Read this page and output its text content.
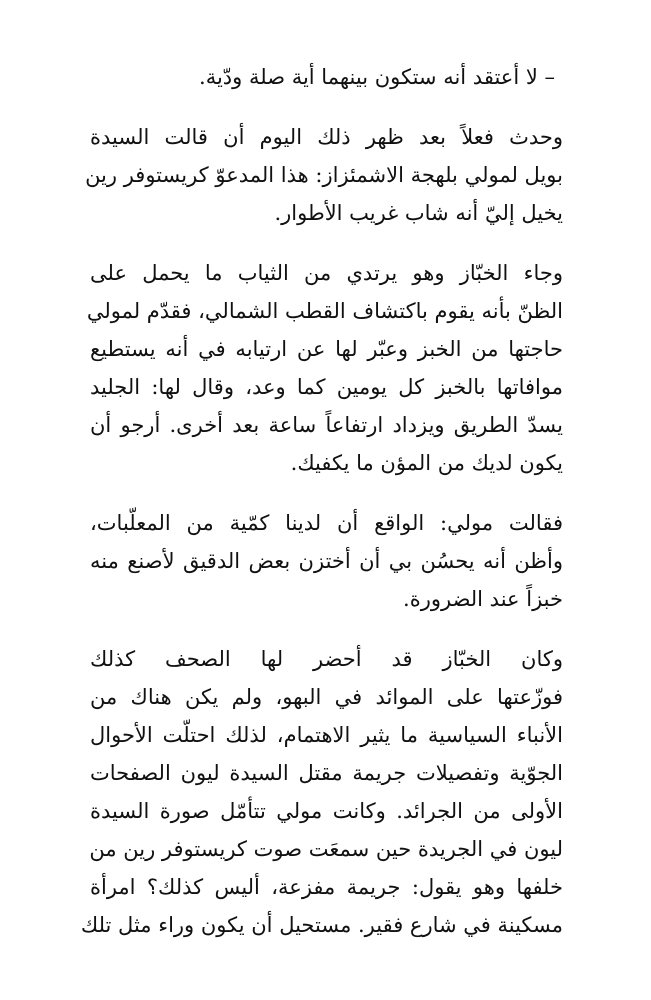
– لا أعتقد أنه ستكون بينهما أية صلة ودّية.
وحدث فعلاً بعد ظهر ذلك اليوم أن قالت السيدة
بويل لمولي بلهجة الاشمئزاز: هذا المدعوّ كريستوفر رين
يخيل إليّ أنه شاب غريب الأطوار.
وجاء الخبّاز وهو يرتدي من الثياب ما يحمل على
الظنّ بأنه يقوم باكتشاف القطب الشمالي، فقدّم لمولي
حاجتها من الخبز وعبّر لها عن ارتيابه في أنه يستطيع
موافاتها بالخبز كل يومين كما وعد، وقال لها: الجليد
يسدّ الطريق ويزداد ارتفاعاً ساعة بعد أخرى. أرجو أن
يكون لديك من المؤن ما يكفيك.
فقالت مولي: الواقع أن لدينا كمّية من المعلّبات،
وأظن أنه يحسُن بي أن أختزن بعض الدقيق لأصنع منه
خبزاً عند الضرورة.
وكان الخبّاز قد أحضر لها الصحف كذلك
فوزّعتها على الموائد في البهو، ولم يكن هناك من
الأنباء السياسية ما يثير الاهتمام، لذلك احتلّت الأحوال
الجوّية وتفصيلات جريمة مقتل السيدة ليون الصفحات
الأولى من الجرائد. وكانت مولي تتأمّل صورة السيدة
ليون في الجريدة حين سمعَت صوت كريستوفر رين من
خلفها وهو يقول: جريمة مفزعة، أليس كذلك؟ امرأة
مسكينة في شارع فقير. مستحيل أن يكون وراء مثل تلك
